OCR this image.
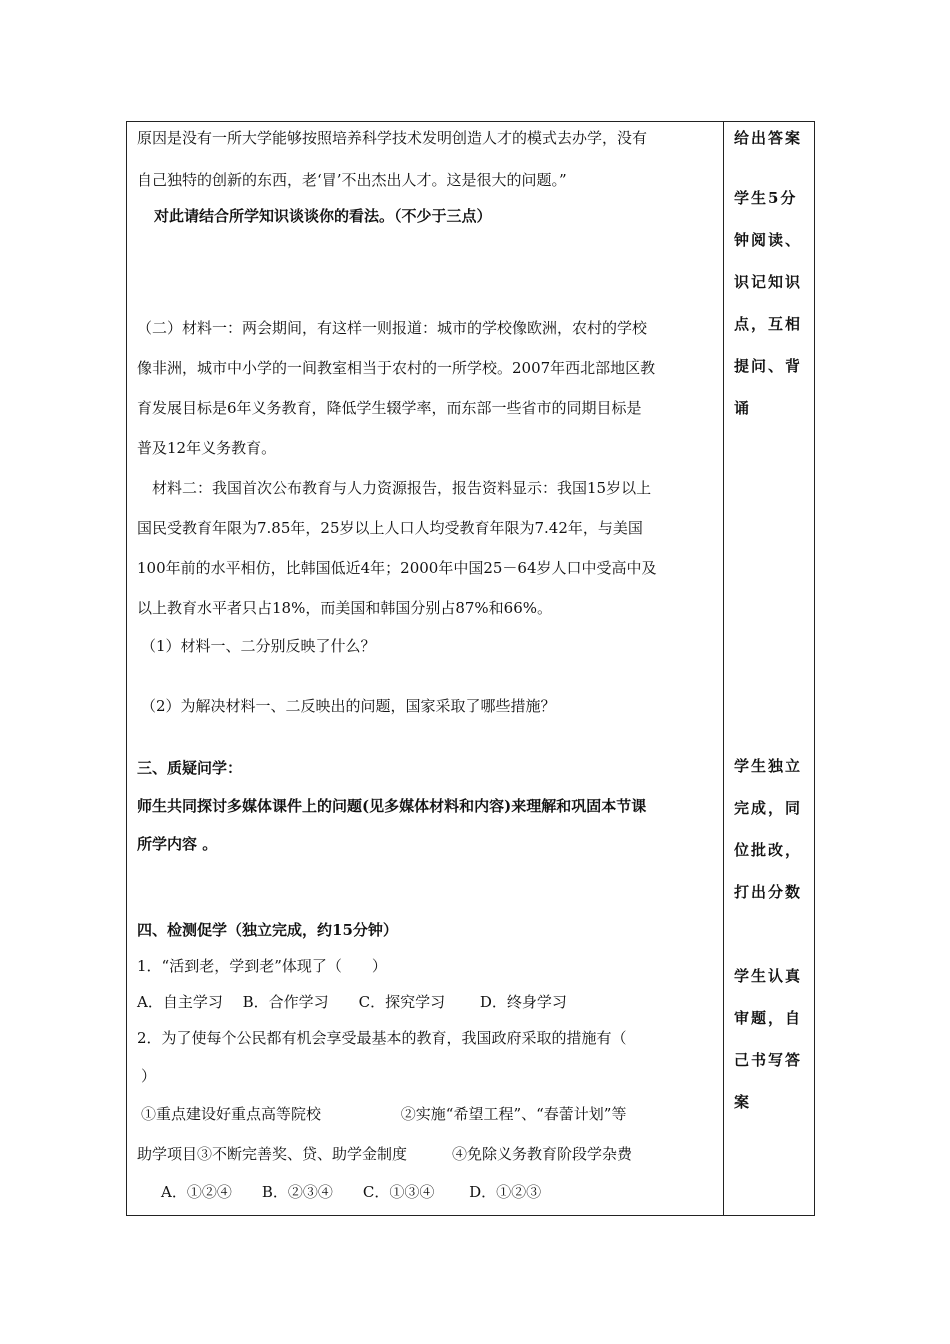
原因是没有一所大学能够按照培养科学技术发明创造人才的模式去办学，没有
自己独特的创新的东西，老‘冒’不出杰出人才。这是很大的问题。”
对此请结合所学知识谈谈你的看法。（不少于三点）
（二）材料一：两会期间，有这样一则报道：城市的学校像欧洲，农村的学校
像非洲，城市中小学的一间教室相当于农村的一所学校。2007年西北部地区教
育发展目标是6年义务教育，降低学生辍学率，而东部一些省市的同期目标是
普及12年义务教育。
材料二：我国首次公布教育与人力资源报告，报告资料显示：我国15岁以上
国民受教育年限为7.85年，25岁以上人口人均受教育年限为7.42年，与美国
100年前的水平相仿，比韩国低近4年；2000年中国25－64岁人口中受高中及
以上教育水平者只占18%，而美国和韩国分别占87%和66%。
（1）材料一、二分别反映了什么？
（2）为解决材料一、二反映出的问题，国家采取了哪些措施？
三、质疑问学：
师生共同探讨多媒体课件上的问题(见多媒体材料和内容)来理解和巩固本节课
所学内容 。
四、检测促学（独立完成，约15分钟）
1．“活到老，学到老”体现了（　　）
A．自主学习　 B．合作学习　　C．探究学习　　 D．终身学习
2．为了使每个公民都有机会享受最基本的教育，我国政府采取的措施有（
）
①重点建设好重点高等院校　　　　　 ②实施“希望工程”、“春蕾计划”等
助学项目③不断完善奖、贷、助学金制度　　　④免除义务教育阶段学杂费
A．①②④　　B．②③④　　C．①③④　　 D．①②③
给出答案
学生5分
钟阅读、
识记知识
点，互相
提问、背
诵
学生独立
完成，同
位批改，
打出分数
学生认真
审题，自
己书写答
案
